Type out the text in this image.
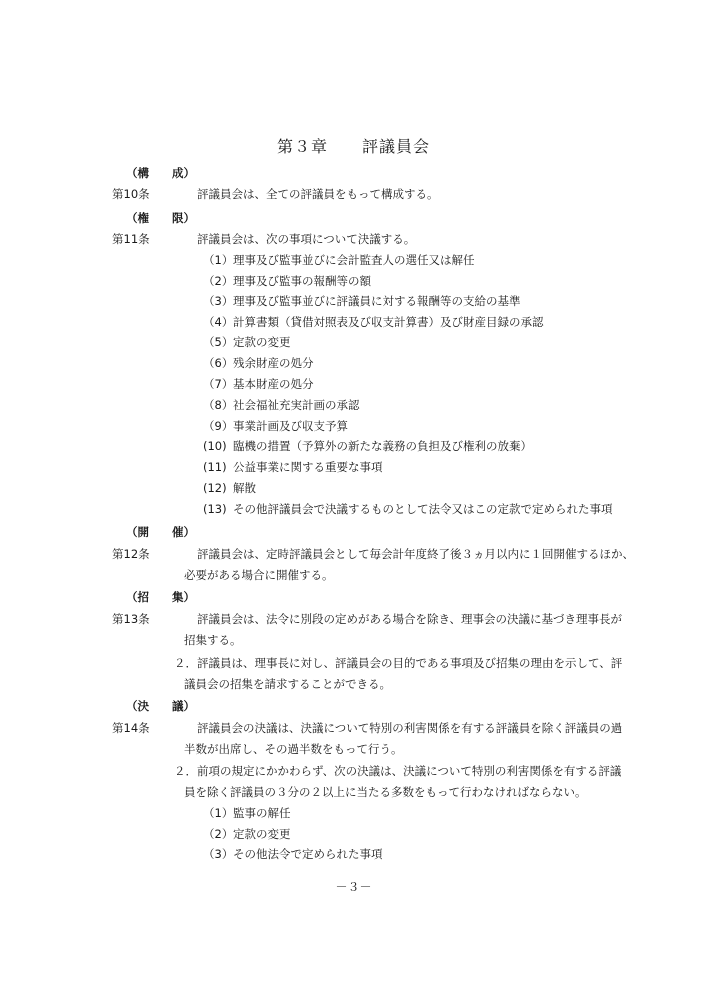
第３章 評議員会
（構　　成）
第10条	評議員会は、全ての評議員をもって構成する。
（権　　限）
第11条	評議員会は、次の事項について決議する。
（1）理事及び監事並びに会計監査人の選任又は解任
（2）理事及び監事の報酬等の額
（3）理事及び監事並びに評議員に対する報酬等の支給の基準
（4）計算書類（貸借対照表及び収支計算書）及び財産目録の承認
（5）定款の変更
（6）残余財産の処分
（7）基本財産の処分
（8）社会福祉充実計画の承認
（9）事業計画及び収支予算
(10) 臨機の措置（予算外の新たな義務の負担及び権利の放棄）
(11) 公益事業に関する重要な事項
(12) 解散
(13) その他評議員会で決議するものとして法令又はこの定款で定められた事項
（開　　催）
第12条	評議員会は、定時評議員会として毎会計年度終了後３ヵ月以内に１回開催するほか、
必要がある場合に開催する。
（招　　集）
第13条	評議員会は、法令に別段の定めがある場合を除き、理事会の決議に基づき理事長が
招集する。
２．評議員は、理事長に対し、評議員会の目的である事項及び招集の理由を示して、評
議員会の招集を請求することができる。
（決　　議）
第14条	評議員会の決議は、決議について特別の利害関係を有する評議員を除く評議員の過
半数が出席し、その過半数をもって行う。
２．前項の規定にかかわらず、次の決議は、決議について特別の利害関係を有する評議
員を除く評議員の３分の２以上に当たる多数をもって行わなければならない。
（1）監事の解任
（2）定款の変更
（3）その他法令で定められた事項
－３－
